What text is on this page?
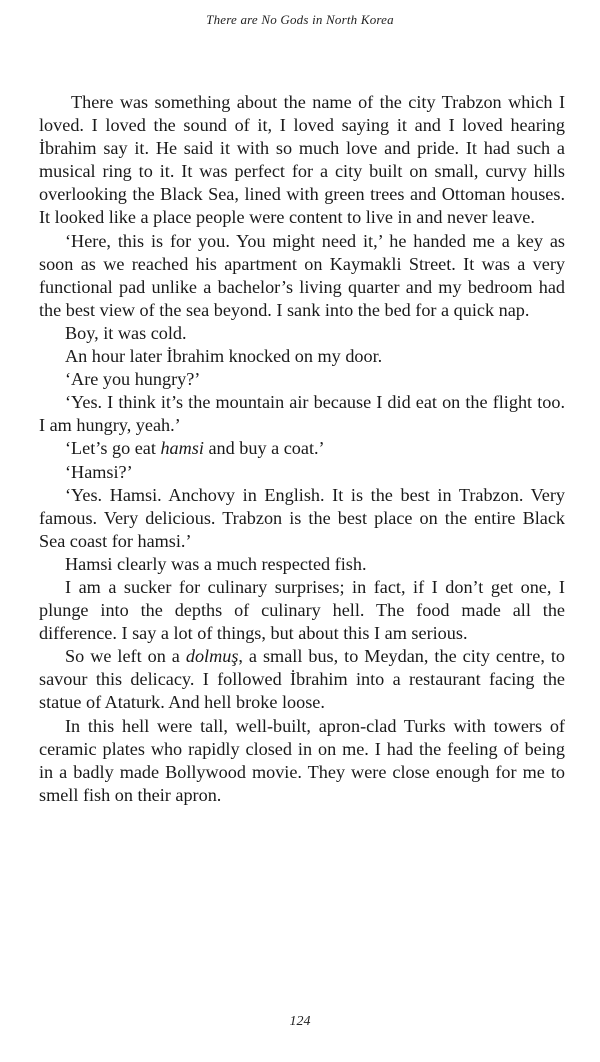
There are No Gods in North Korea

There was something about the name of the city Trabzon which I loved. I loved the sound of it, I loved saying it and I loved hearing İbrahim say it. He said it with so much love and pride. It had such a musical ring to it. It was perfect for a city built on small, curvy hills overlooking the Black Sea, lined with green trees and Ottoman houses. It looked like a place people were content to live in and never leave.

‘Here, this is for you. You might need it,’ he handed me a key as soon as we reached his apartment on Kaymakli Street. It was a very functional pad unlike a bachelor’s living quarter and my bedroom had the best view of the sea beyond. I sank into the bed for a quick nap.

Boy, it was cold.

An hour later İbrahim knocked on my door.

‘Are you hungry?’

‘Yes. I think it’s the mountain air because I did eat on the flight too. I am hungry, yeah.’

‘Let’s go eat hamsi and buy a coat.’

‘Hamsi?’

‘Yes. Hamsi. Anchovy in English. It is the best in Trabzon. Very famous. Very delicious. Trabzon is the best place on the entire Black Sea coast for hamsi.’

Hamsi clearly was a much respected fish.

I am a sucker for culinary surprises; in fact, if I don’t get one, I plunge into the depths of culinary hell. The food made all the difference. I say a lot of things, but about this I am serious.

So we left on a dolmuş, a small bus, to Meydan, the city centre, to savour this delicacy. I followed İbrahim into a restaurant facing the statue of Ataturk. And hell broke loose.

In this hell were tall, well-built, apron-clad Turks with towers of ceramic plates who rapidly closed in on me. I had the feeling of being in a badly made Bollywood movie. They were close enough for me to smell fish on their apron.

124
